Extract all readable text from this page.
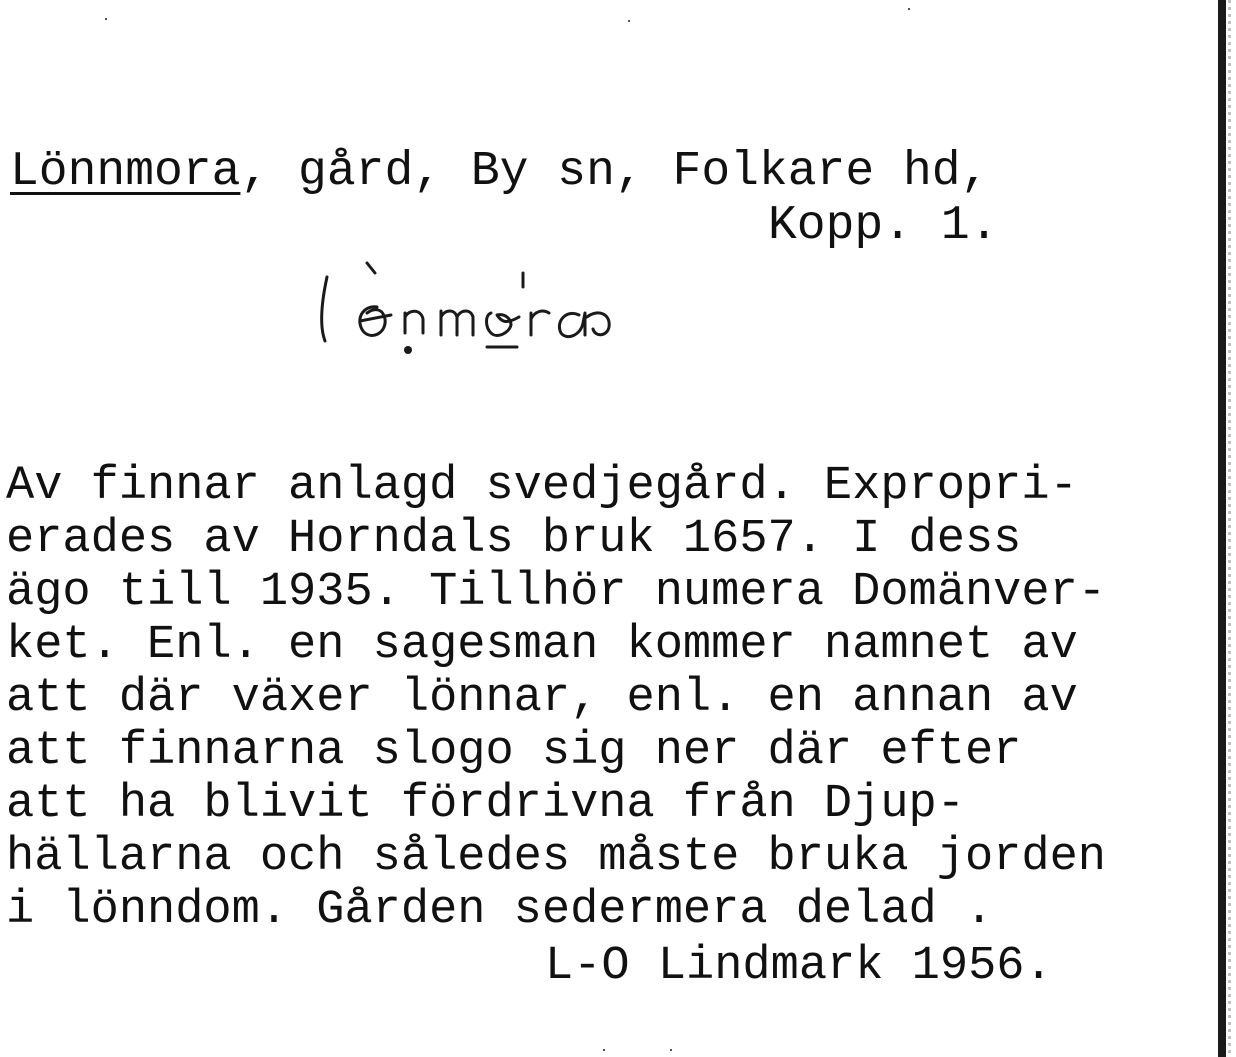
Lönnmora, gård, By sn, Folkare hd,
Kopp. 1.
Av finnar anlagd svedjegård. Expropri-
erades av Horndals bruk 1657. I dess
ägo till 1935. Tillhör numera Domänver-
ket. Enl. en sagesman kommer namnet av
att där växer lönnar, enl. en annan av
att finnarna slogo sig ner där efter
att ha blivit fördrivna från Djup-
hällarna och således måste bruka jorden
i lönndom. Gården sedermera delad .
L-O Lindmark 1956.
